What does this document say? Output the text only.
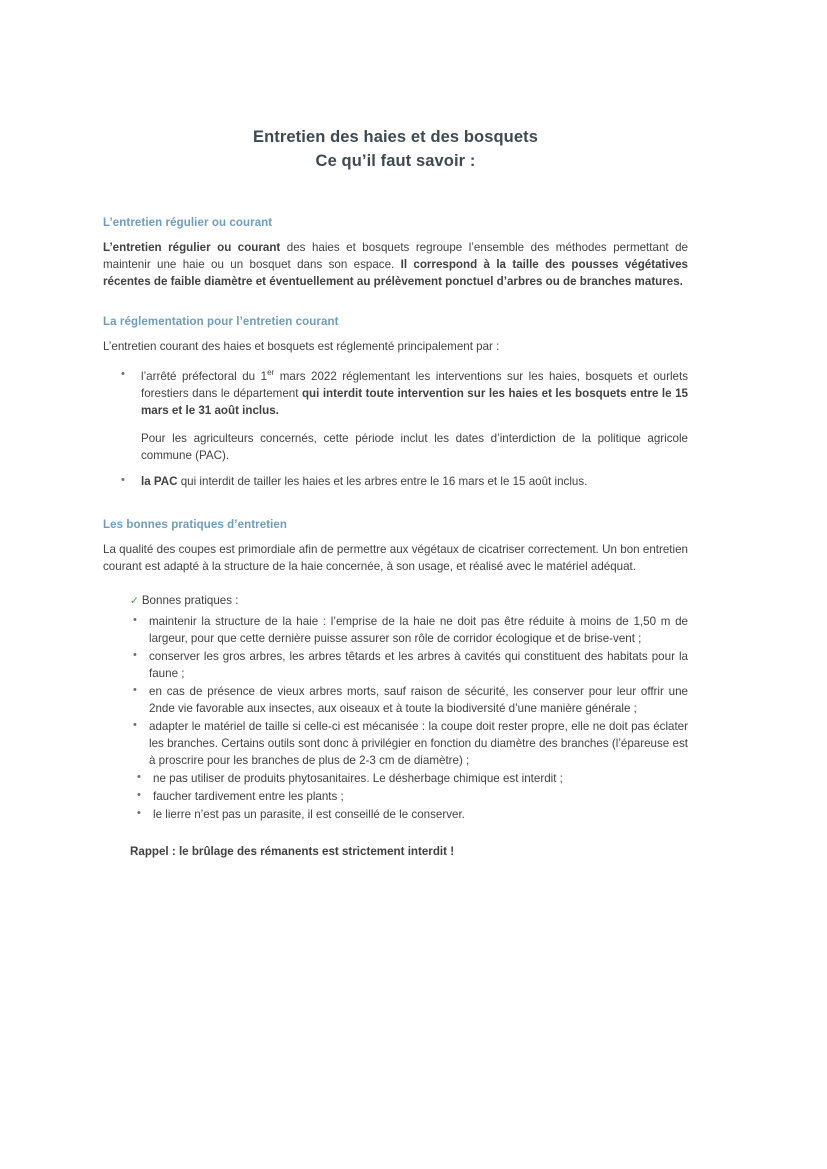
Entretien des haies et des bosquets
Ce qu’il faut savoir :
L’entretien régulier ou courant

L’entretien régulier ou courant des haies et bosquets regroupe l’ensemble des méthodes permettant de maintenir une haie ou un bosquet dans son espace. Il correspond à la taille des pousses végétatives récentes de faible diamètre et éventuellement au prélèvement ponctuel d’arbres ou de branches matures.

La réglementation pour l’entretien courant

L’entretien courant des haies et bosquets est réglementé principalement par :

• l’arrêté préfectoral du 1er mars 2022 réglementant les interventions sur les haies, bosquets et ourlets forestiers dans le département qui interdit toute intervention sur les haies et les bosquets entre le 15 mars et le 31 août inclus.
Pour les agriculteurs concernés, cette période inclut les dates d’interdiction de la politique agricole commune (PAC).
• la PAC qui interdit de tailler les haies et les arbres entre le 16 mars et le 15 août inclus.
Les bonnes pratiques d’entretien

La qualité des coupes est primordiale afin de permettre aux végétaux de cicatriser correctement. Un bon entretien courant est adapté à la structure de la haie concernée, à son usage, et réalisé avec le matériel adéquat.

✓ Bonnes pratiques :
• maintenir la structure de la haie : l’emprise de la haie ne doit pas être réduite à moins de 1,50 m de largeur, pour que cette dernière puisse assurer son rôle de corridor écologique et de brise-vent ;
• conserver les gros arbres, les arbres têtards et les arbres à cavités qui constituent des habitats pour la faune ;
• en cas de présence de vieux arbres morts, sauf raison de sécurité, les conserver pour leur offrir une 2nde vie favorable aux insectes, aux oiseaux et à toute la biodiversité d’une manière générale ;
• adapter le matériel de taille si celle-ci est mécanisée : la coupe doit rester propre, elle ne doit pas éclater les branches. Certains outils sont donc à privilégier en fonction du diamètre des branches (l’épareuse est à proscrire pour les branches de plus de 2-3 cm de diamètre) ;
• ne pas utiliser de produits phytosanitaires. Le désherbage chimique est interdit ;
• faucher tardivement entre les plants ;
• le lierre n’est pas un parasite, il est conseillé de le conserver.
Rappel : le brûlage des rémanents est strictement interdit !
